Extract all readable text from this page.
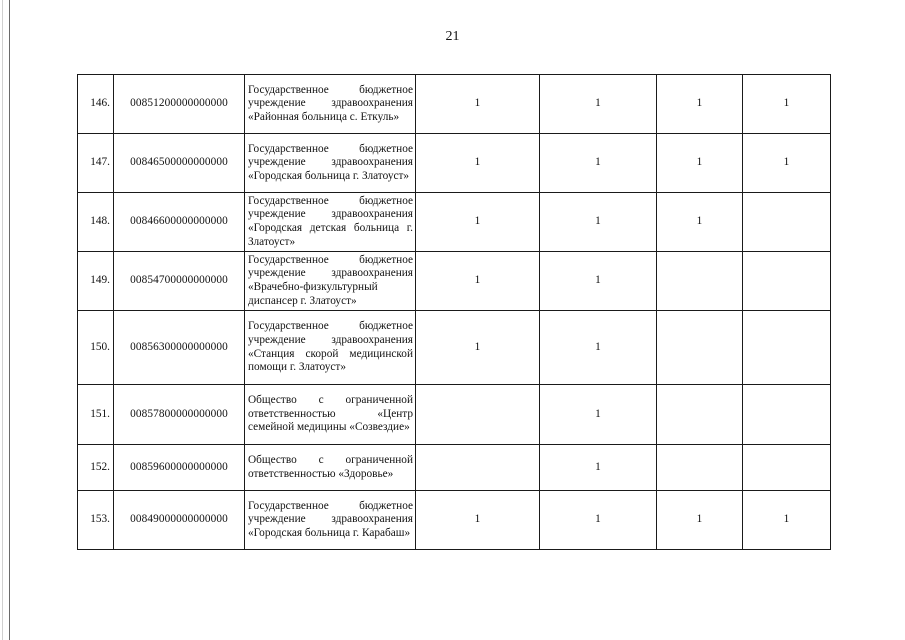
21
146.	00851200000000000	Государственное бюджетное учреждение здравоохранения «Районная больница с. Еткуль»	1	1	1	1
147.	00846500000000000	Государственное бюджетное учреждение здравоохранения «Городская больница г. Златоуст»	1	1	1	1
148.	00846600000000000	Государственное бюджетное учреждение здравоохранения «Городская детская больница г. Златоуст»	1	1	1	
149.	00854700000000000	Государственное бюджетное учреждение здравоохранения «Врачебно-физкультурный диспансер г. Златоуст»	1	1		
150.	00856300000000000	Государственное бюджетное учреждение здравоохранения «Станция скорой медицинской помощи г. Златоуст»	1	1		
151.	00857800000000000	Общество с ограниченной ответственностью «Центр семейной медицины «Созвездие»		1		
152.	00859600000000000	Общество с ограниченной ответственностью «Здоровье»		1		
153.	00849000000000000	Государственное бюджетное учреждение здравоохранения «Городская больница г. Карабаш»	1	1	1	1
